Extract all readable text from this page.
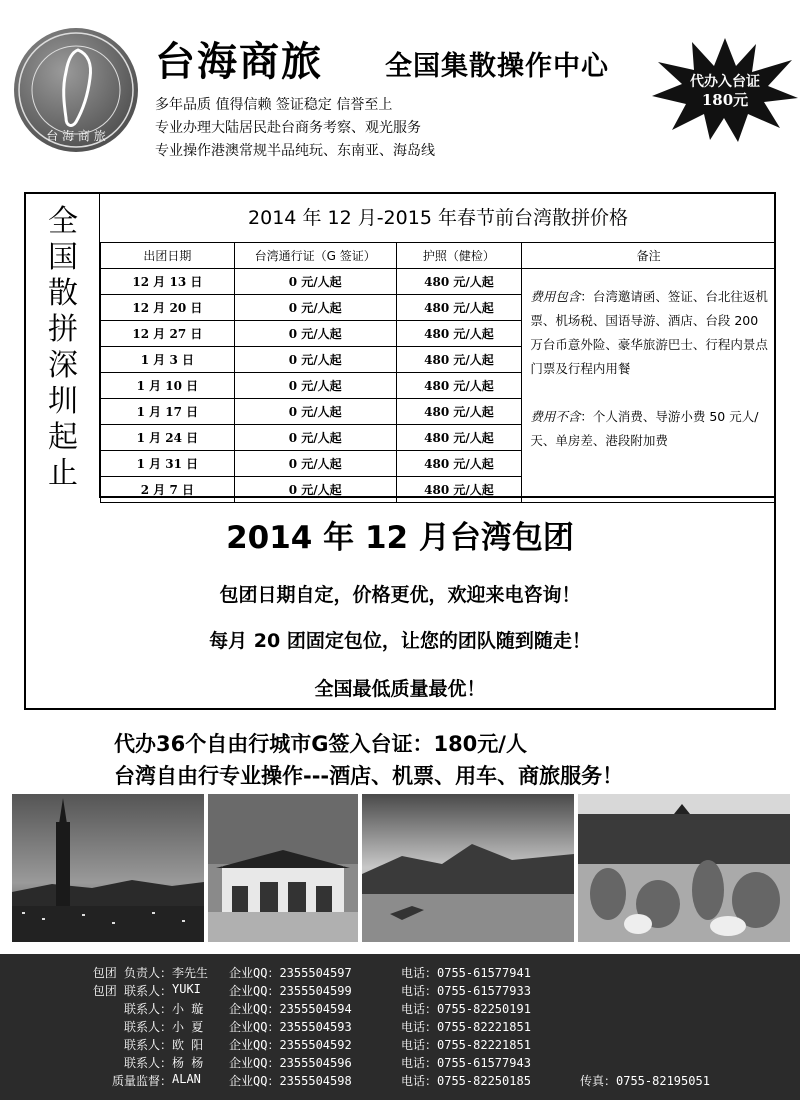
台 海 商 旅
台海商旅 全国集散操作中心
多年品质 值得信赖 签证稳定 信誉至上
专业办理大陆居民赴台商务考察、观光服务
专业操作港澳常规半品纯玩、东南亚、海岛线
代办入台证
180元
全
国
散
拼
深
圳
起
止
2014 年 12 月-2015 年春节前台湾散拼价格
出团日期	台湾通行证（G 签证）	护照（健检）	备注
12 月 13 日	0 元/人起	480 元/人起	费用包含：台湾邀请函、签证、台北往返机票、机场税、国语导游、酒店、台段 200 万台币意外险、豪华旅游巴士、行程内景点门票及行程内用餐
费用不含：个人消费、导游小费 50 元人/天、单房差、港段附加费
12 月 20 日	0 元/人起	480 元/人起	
12 月 27 日	0 元/人起	480 元/人起	
1 月 3 日	0 元/人起	480 元/人起	
1 月 10 日	0 元/人起	480 元/人起	
1 月 17 日	0 元/人起	480 元/人起	
1 月 24 日	0 元/人起	480 元/人起	
1 月 31 日	0 元/人起	480 元/人起	
2 月 7 日	0 元/人起	480 元/人起	
2014 年 12 月台湾包团
包团日期自定，价格更优，欢迎来电咨询！
每月 20 团固定包位，让您的团队随到随走！
全国最低质量最优！
代办36个自由行城市G签入台证：180元/人
台湾自由行专业操作---酒店、机票、用车、商旅服务！
包团 负责人： 李先生 企业QQ：2355504597	电话：0755-61577941
包团 联系人： YUKI 企业QQ：2355504599	电话：0755-61577933
联系人： 小 璇 企业QQ：2355504594	电话：0755-82250191
联系人： 小 夏 企业QQ：2355504593	电话：0755-82221851
联系人： 欧 阳 企业QQ：2355504592	电话：0755-82221851
联系人： 杨 杨 企业QQ：2355504596	电话：0755-61577943
质量监督： ALAN 企业QQ：2355504598	电话：0755-82250185	传真：0755-82195051
